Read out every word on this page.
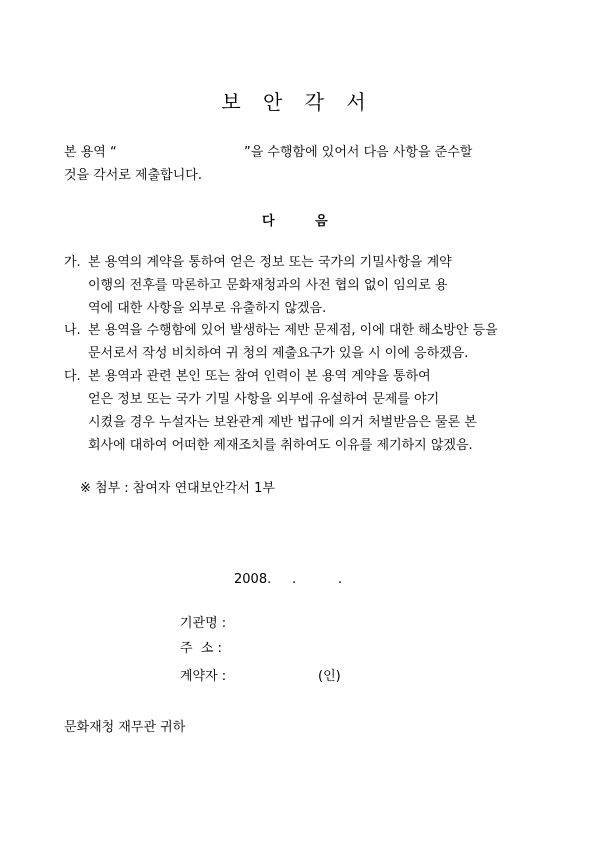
보 안 각 서
본 용역 “	”을 수행함에 있어서 다음 사항을 준수할
것을 각서로 제출합니다.
다	음
가. 본 용역의 계약을 통하여 얻은 정보 또는 국가의 기밀사항을 계약
이행의 전후를 막론하고 문화재청과의 사전 협의 없이 임의로 용
역에 대한 사항을 외부로 유출하지 않겠음.
나. 본 용역을 수행함에 있어 발생하는 제반 문제점, 이에 대한 해소방안 등을
문서로서 작성 비치하여 귀 청의 제출요구가 있을 시 이에 응하겠음.
다. 본 용역과 관련 본인 또는 참여 인력이 본 용역 계약을 통하여
얻은 정보 또는 국가 기밀 사항을 외부에 유설하여 문제를 야기
시켰을 경우 누설자는 보완관계 제반 법규에 의거 처벌받음은 물론 본
회사에 대하여 어떠한 제재조치를 취하여도 이유를 제기하지 않겠음.
※ 첨부 : 참여자 연대보안각서 1부
2008. .	.
기관명 :
주  소 :
계약자 :	(인)
문화재청 재무관 귀하
